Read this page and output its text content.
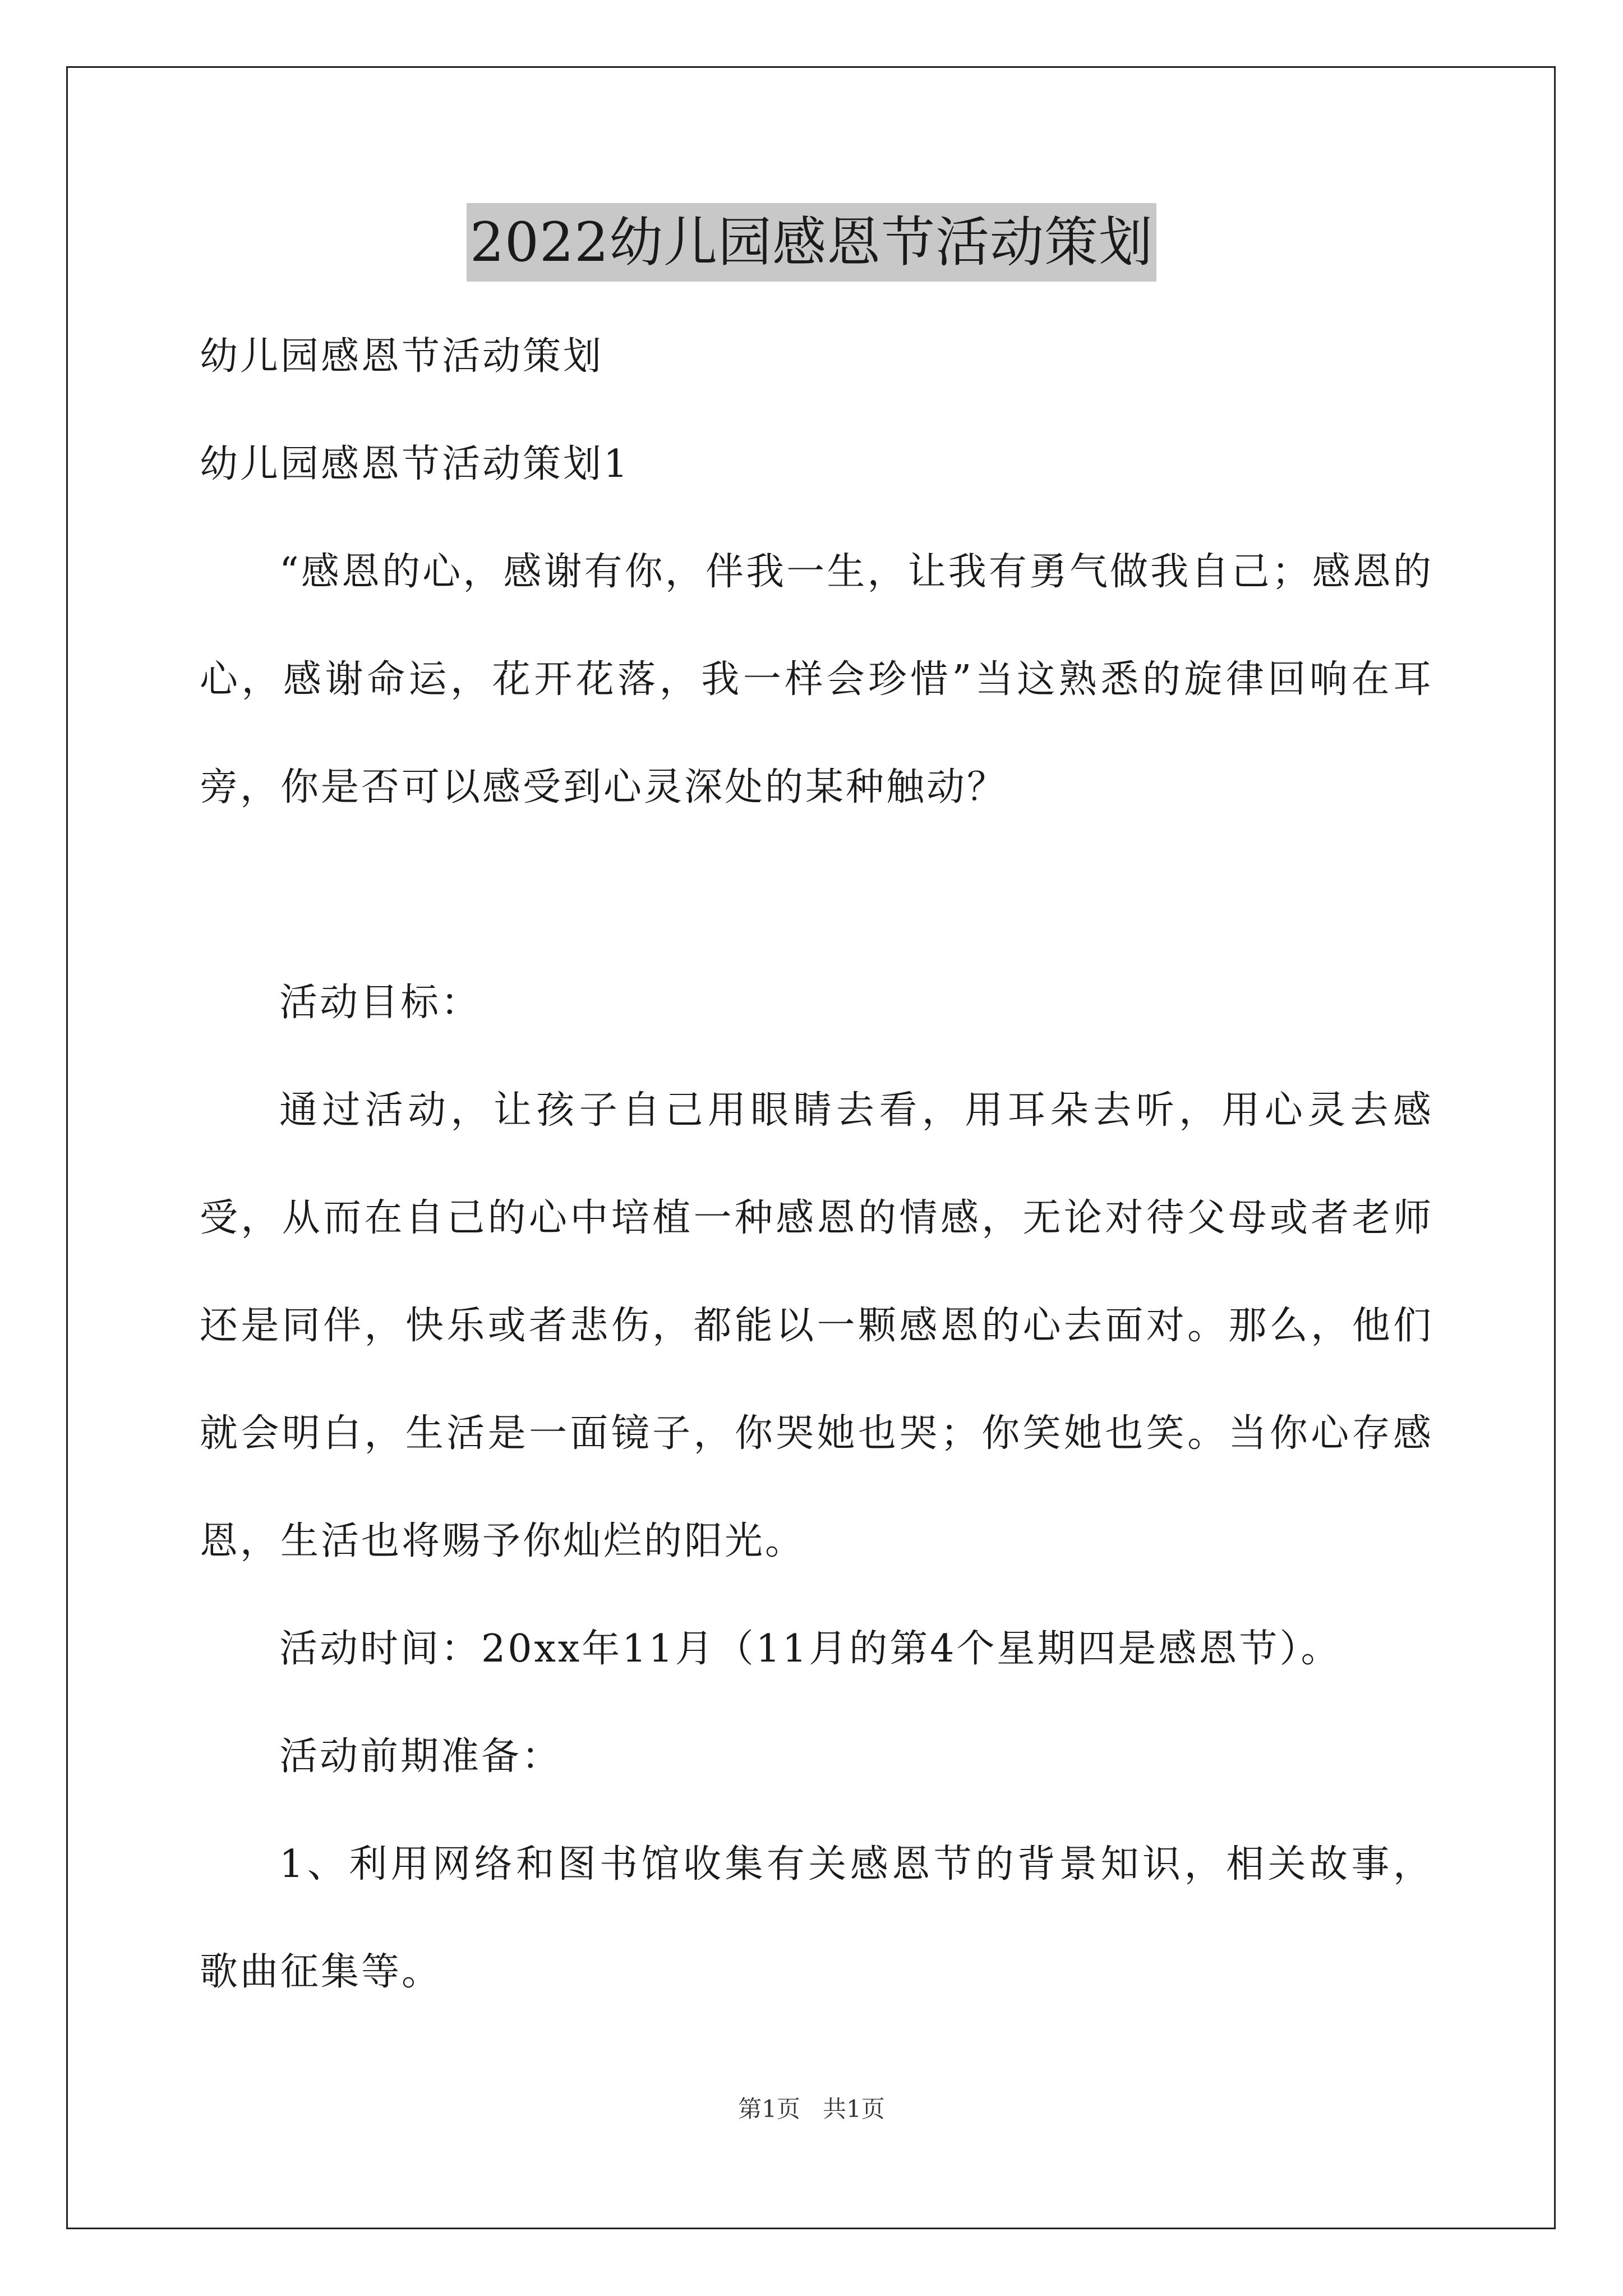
2022幼儿园感恩节活动策划

幼儿园感恩节活动策划

幼儿园感恩节活动策划1

“感恩的心，感谢有你，伴我一生，让我有勇气做我自己；感恩的心，感谢命运，花开花落，我一样会珍惜”当这熟悉的旋律回响在耳旁，你是否可以感受到心灵深处的某种触动？

活动目标：

通过活动，让孩子自己用眼睛去看，用耳朵去听，用心灵去感受，从而在自己的心中培植一种感恩的情感，无论对待父母或者老师还是同伴，快乐或者悲伤，都能以一颗感恩的心去面对。那么，他们就会明白，生活是一面镜子，你哭她也哭；你笑她也笑。当你心存感恩，生活也将赐予你灿烂的阳光。

活动时间：20xx年11月（11月的第4个星期四是感恩节）。

活动前期准备：

1、利用网络和图书馆收集有关感恩节的背景知识，相关故事，歌曲征集等。

第1页   共1页
